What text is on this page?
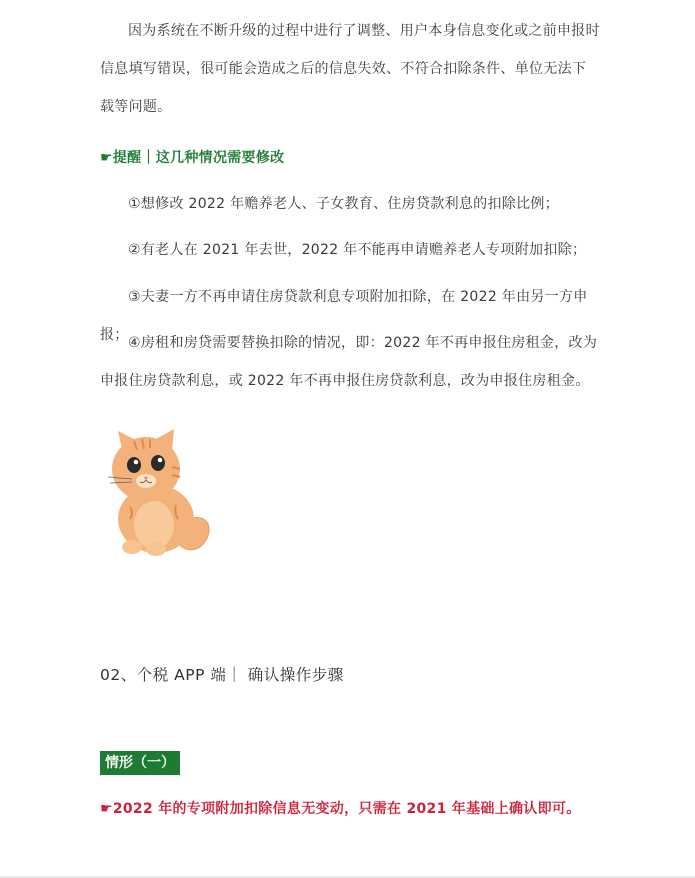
因为系统在不断升级的过程中进行了调整、用户本身信息变化或之前申报时信息填写错误，很可能会造成之后的信息失效、不符合扣除条件、单位无法下载等问题。
☛提醒｜这几种情况需要修改
①想修改 2022 年赡养老人、子女教育、住房贷款利息的扣除比例；
②有老人在 2021 年去世，2022 年不能再申请赡养老人专项附加扣除；
③夫妻一方不再申请住房贷款利息专项附加扣除，在 2022 年由另一方申报； ④房租和房贷需要替换扣除的情况，即：2022 年不再申报住房租金，改为申报住房贷款利息，或 2022 年不再申报住房贷款利息，改为申报住房租金。
02、个税 APP 端｜ 确认操作步骤
情形（一）
☛2022 年的专项附加扣除信息无变动，只需在 2021 年基础上确认即可。
